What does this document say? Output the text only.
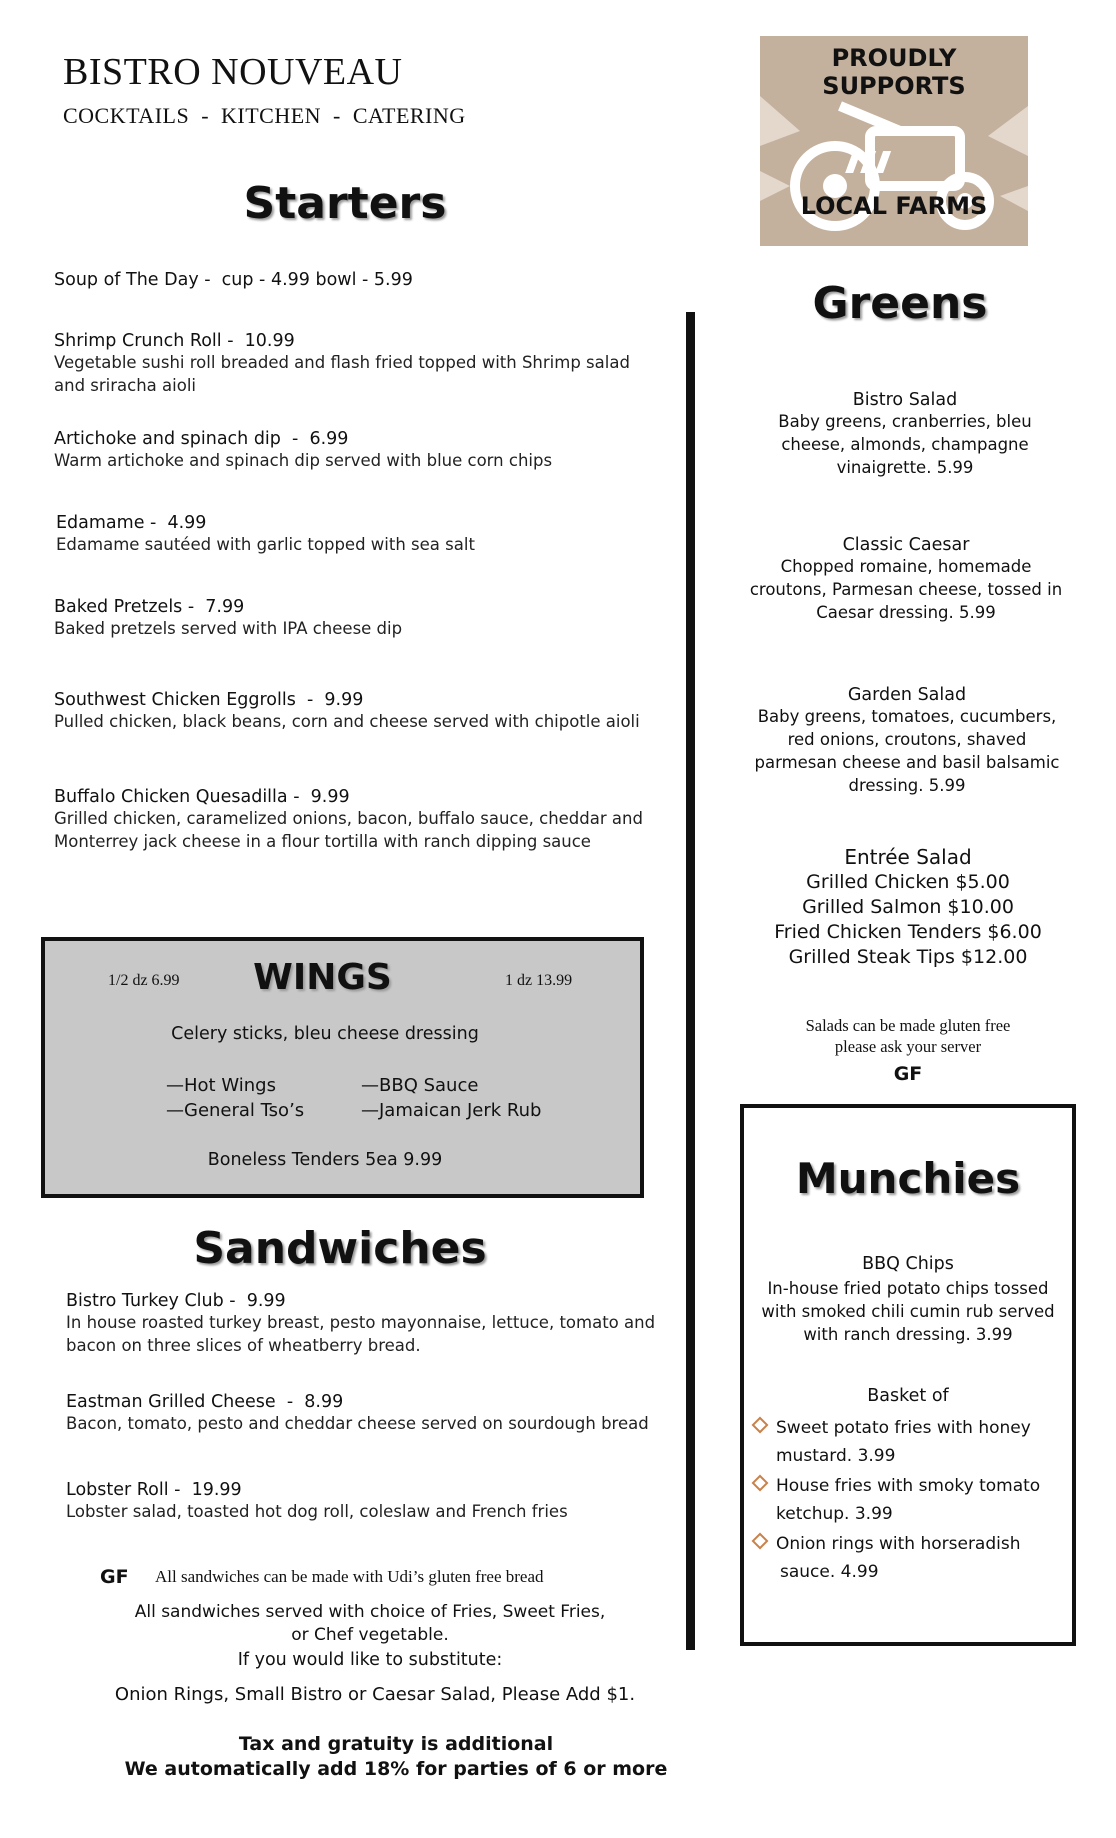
BISTRO NOUVEAU
COCKTAILS  -  KITCHEN  -  CATERING
PROUDLY SUPPORTS
LOCAL FARMS
Starters
Soup of The Day -  cup - 4.99 bowl - 5.99
Shrimp Crunch Roll -  10.99
Vegetable sushi roll breaded and flash fried topped with Shrimp salad and sriracha aioli
Artichoke and spinach dip  -  6.99
Warm artichoke and spinach dip served with blue corn chips
Edamame -  4.99
Edamame sautéed with garlic topped with sea salt
Baked Pretzels -  7.99
Baked pretzels served with IPA cheese dip
Southwest Chicken Eggrolls  -  9.99
Pulled chicken, black beans, corn and cheese served with chipotle aioli
Buffalo Chicken Quesadilla -  9.99
Grilled chicken, caramelized onions, bacon, buffalo sauce, cheddar and Monterrey jack cheese in a flour tortilla with ranch dipping sauce
1/2 dz 6.99	WINGS	1 dz 13.99
Celery sticks, bleu cheese dressing
—Hot Wings	—BBQ Sauce
—General Tso’s	—Jamaican Jerk Rub
Boneless Tenders 5ea 9.99
Sandwiches
Bistro Turkey Club -  9.99
In house roasted turkey breast, pesto mayonnaise, lettuce, tomato and bacon on three slices of wheatberry bread.
Eastman Grilled Cheese  -  8.99
Bacon, tomato, pesto and cheddar cheese served on sourdough bread
Lobster Roll -  19.99
Lobster salad, toasted hot dog roll, coleslaw and French fries
GF All sandwiches can be made with Udi’s gluten free bread
All sandwiches served with choice of Fries, Sweet Fries,
or Chef vegetable.
If you would like to substitute:
Onion Rings, Small Bistro or Caesar Salad, Please Add $1.
Greens
Bistro Salad
Baby greens, cranberries, bleu cheese, almonds, champagne vinaigrette. 5.99
Classic Caesar
Chopped romaine, homemade croutons, Parmesan cheese, tossed in Caesar dressing. 5.99
Garden Salad
Baby greens, tomatoes, cucumbers, red onions, croutons, shaved parmesan cheese and basil balsamic dressing. 5.99
Entrée Salad
Grilled Chicken $5.00
Grilled Salmon $10.00
Fried Chicken Tenders $6.00
Grilled Steak Tips $12.00
Salads can be made gluten free
please ask your server
GF
Munchies
BBQ Chips
In-house fried potato chips tossed with smoked chili cumin rub served with ranch dressing. 3.99
Basket of
Sweet potato fries with honey
mustard. 3.99
House fries with smoky tomato
ketchup. 3.99
Onion rings with horseradish
sauce. 4.99
Tax and gratuity is additional
We automatically add 18% for parties of 6 or more
